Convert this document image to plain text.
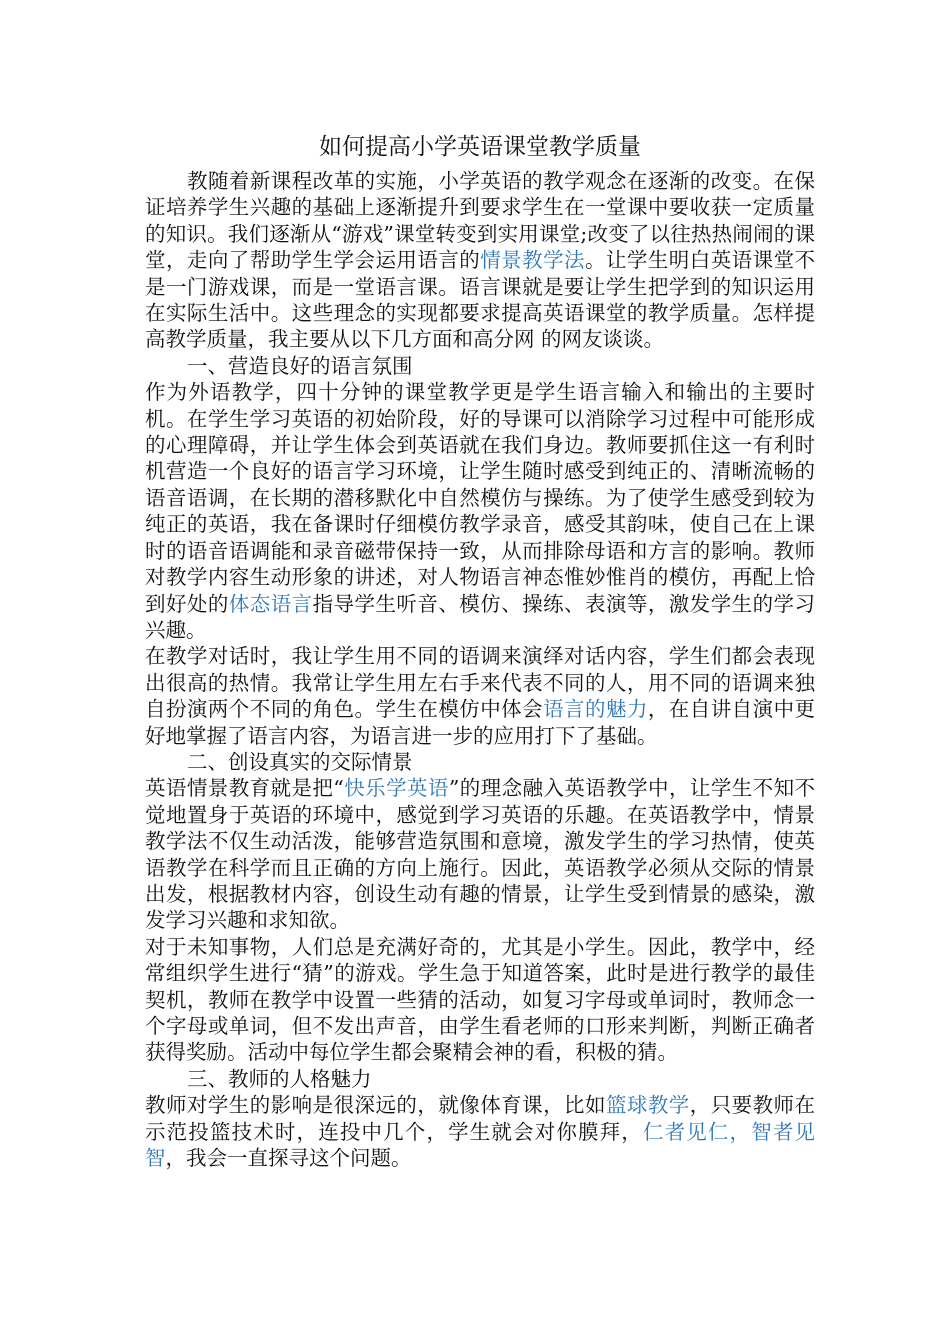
如何提高小学英语课堂教学质量

教随着新课程改革的实施，小学英语的教学观念在逐渐的改变。在保证培养学生兴趣的基础上逐渐提升到要求学生在一堂课中要收获一定质量的知识。我们逐渐从“游戏”课堂转变到实用课堂;改变了以往热热闹闹的课堂，走向了帮助学生学会运用语言的情景教学法。让学生明白英语课堂不是一门游戏课，而是一堂语言课。语言课就是要让学生把学到的知识运用在实际生活中。这些理念的实现都要求提高英语课堂的教学质量。怎样提高教学质量，我主要从以下几方面和高分网 的网友谈谈。

一、营造良好的语言氛围

作为外语教学，四十分钟的课堂教学更是学生语言输入和输出的主要时机。在学生学习英语的初始阶段，好的导课可以消除学习过程中可能形成的心理障碍，并让学生体会到英语就在我们身边。教师要抓住这一有利时机营造一个良好的语言学习环境，让学生随时感受到纯正的、清晰流畅的语音语调，在长期的潜移默化中自然模仿与操练。为了使学生感受到较为纯正的英语，我在备课时仔细模仿教学录音，感受其韵味，使自己在上课时的语音语调能和录音磁带保持一致，从而排除母语和方言的影响。教师对教学内容生动形象的讲述，对人物语言神态惟妙惟肖的模仿，再配上恰到好处的体态语言指导学生听音、模仿、操练、表演等，激发学生的学习兴趣。

在教学对话时，我让学生用不同的语调来演绎对话内容，学生们都会表现出很高的热情。我常让学生用左右手来代表不同的人，用不同的语调来独自扮演两个不同的角色。学生在模仿中体会语言的魅力，在自讲自演中更好地掌握了语言内容，为语言进一步的应用打下了基础。

二、创设真实的交际情景

英语情景教育就是把“快乐学英语”的理念融入英语教学中，让学生不知不觉地置身于英语的环境中，感觉到学习英语的乐趣。在英语教学中，情景教学法不仅生动活泼，能够营造氛围和意境，激发学生的学习热情，使英语教学在科学而且正确的方向上施行。因此，英语教学必须从交际的情景出发，根据教材内容，创设生动有趣的情景，让学生受到情景的感染，激发学习兴趣和求知欲。

对于未知事物，人们总是充满好奇的，尤其是小学生。因此，教学中，经常组织学生进行“猜”的游戏。学生急于知道答案，此时是进行教学的最佳契机，教师在教学中设置一些猜的活动，如复习字母或单词时，教师念一个字母或单词，但不发出声音，由学生看老师的口形来判断，判断正确者获得奖励。活动中每位学生都会聚精会神的看，积极的猜。

三、教师的人格魅力

教师对学生的影响是很深远的，就像体育课，比如篮球教学，只要教师在示范投篮技术时，连投中几个，学生就会对你膜拜，仁者见仁，智者见智，我会一直探寻这个问题。
